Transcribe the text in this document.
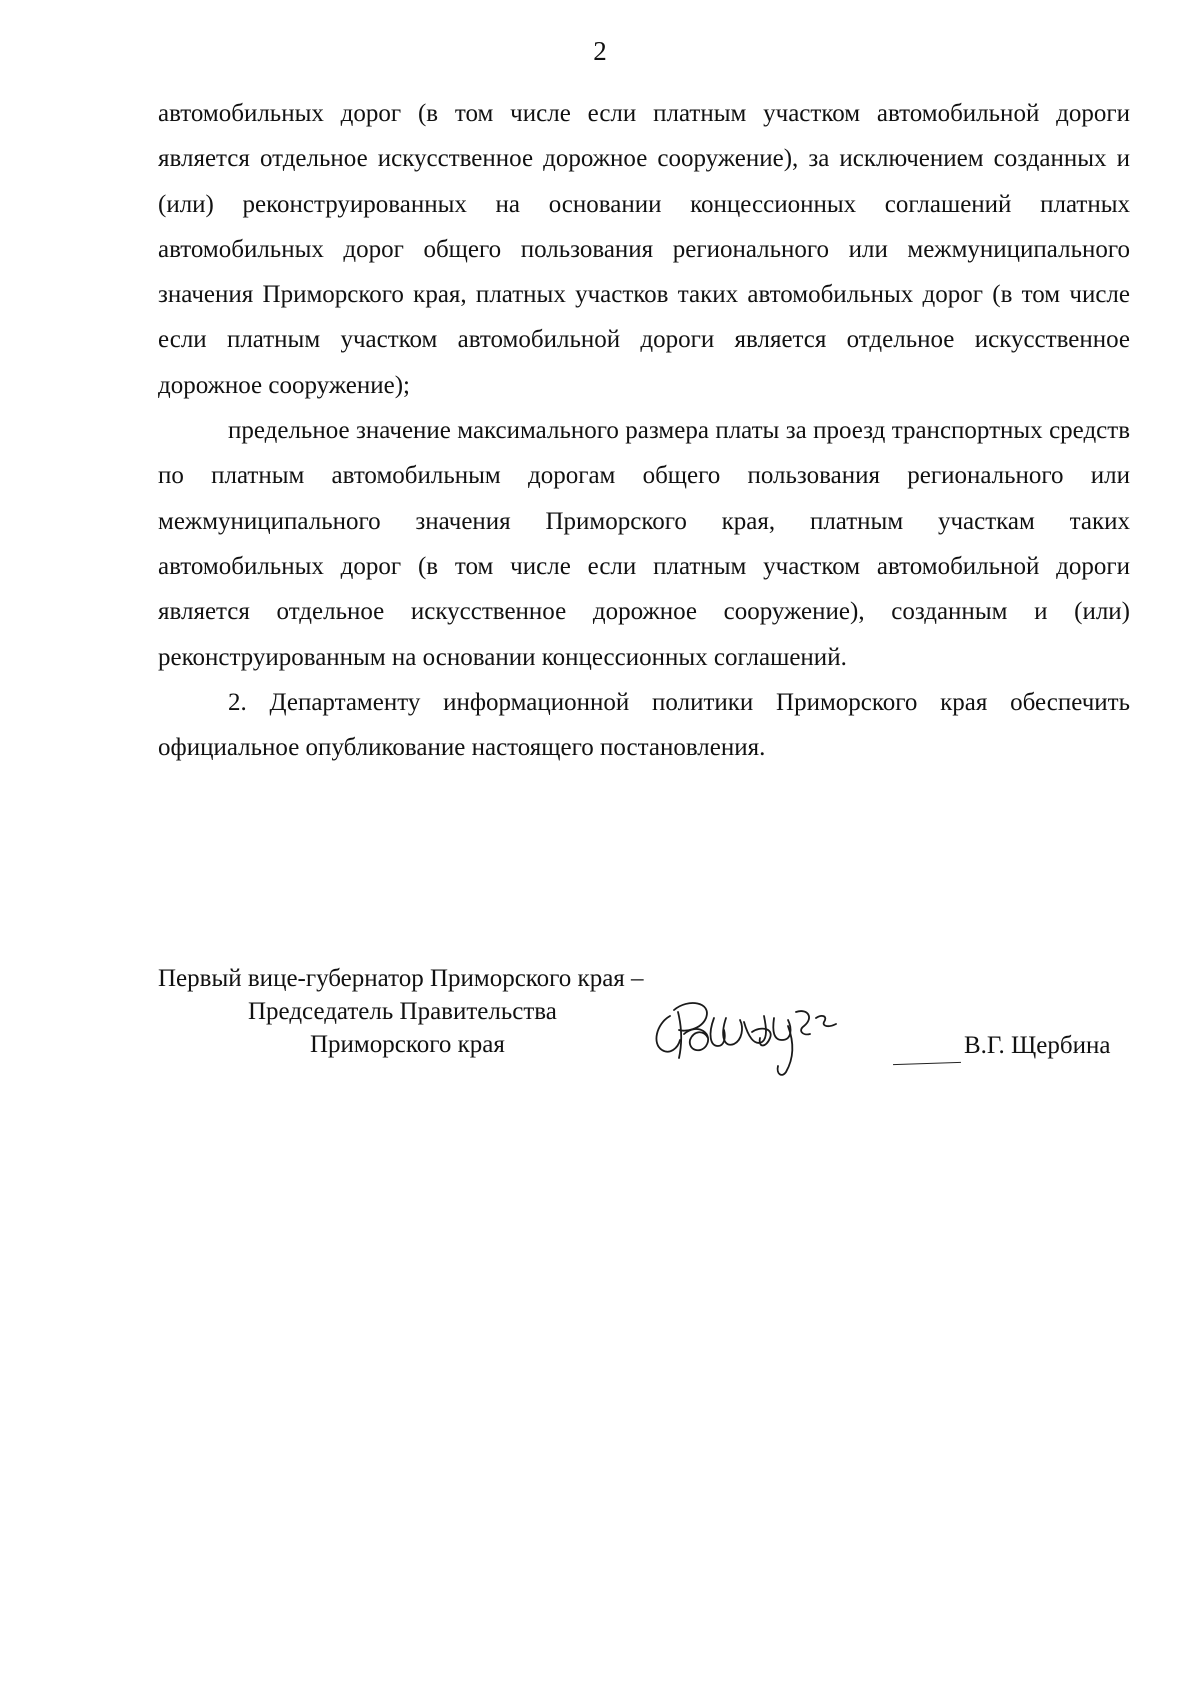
2

автомобильных дорог (в том числе если платным участком автомобильной дороги является отдельное искусственное дорожное сооружение), за исключением созданных и (или) реконструированных на основании концессионных соглашений платных автомобильных дорог общего пользования регионального или межмуниципального значения Приморского края, платных участков таких автомобильных дорог (в том числе если платным участком автомобильной дороги является отдельное искусственное дорожное сооружение);

предельное значение максимального размера платы за проезд транспортных средств по платным автомобильным дорогам общего пользования регионального или межмуниципального значения Приморского края, платным участкам таких автомобильных дорог (в том числе если платным участком автомобильной дороги является отдельное искусственное дорожное сооружение), созданным и (или) реконструированным на основании концессионных соглашений.

2. Департаменту информационной политики Приморского края обеспечить официальное опубликование настоящего постановления.

Первый вице-губернатор Приморского края –
Председатель Правительства
Приморского края	В.Г. Щербина
